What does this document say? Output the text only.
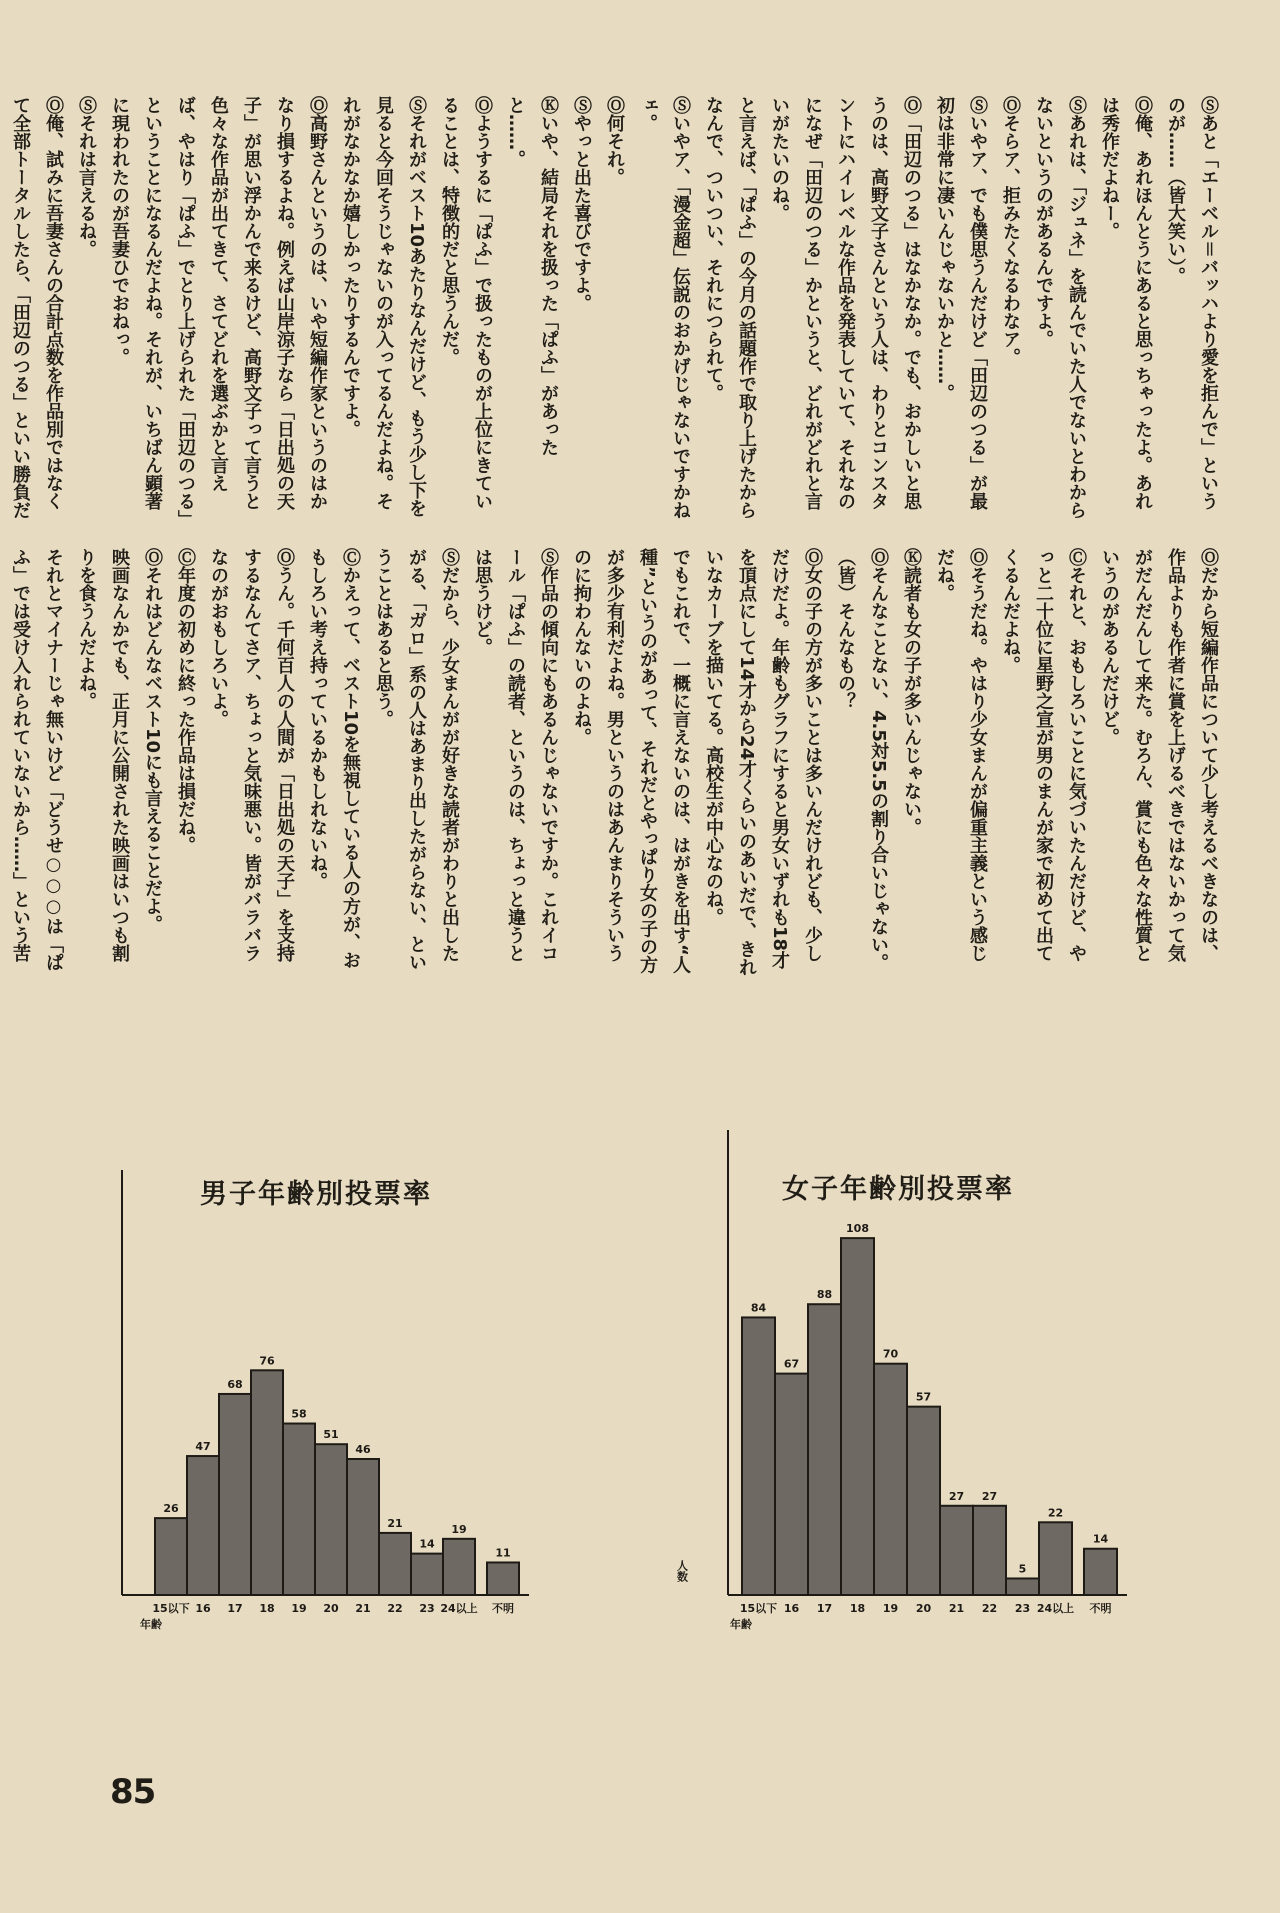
Ⓢあと「エーベル＝バッハより愛を拒んで」というのが……（皆大笑い）。

Ⓞ俺、あれほんとうにあると思っちゃったよ。あれは秀作だよねー。

Ⓢあれは、「ジュネ」を読んでいた人でないとわからないというのがあるんですよ。

Ⓞそらア、拒みたくなるわなア。

Ⓢいやア、でも僕思うんだけど「田辺のつる」が最初は非常に凄いんじゃないかと……。

Ⓞ「田辺のつる」はなかなか。でも、おかしいと思うのは、高野文子さんという人は、わりとコンスタントにハイレベルな作品を発表していて、それなのになぜ「田辺のつる」かというと、どれがどれと言いがたいのね。

と言えば、「ぱふ」の今月の話題作で取り上げたからなんで、ついつい、それにつられて。

Ⓢいやア、「漫金超」伝説のおかげじゃないですかねェ。

Ⓞ何それ。

Ⓢやっと出た喜びですよ。

Ⓚいや、結局それを扱った「ぱふ」があったと……。

Ⓞようするに「ぱふ」で扱ったものが上位にきていることは、特徴的だと思うんだ。

Ⓢそれがベスト10あたりなんだけど、もう少し下を見ると今回そうじゃないのが入ってるんだよね。それがなかなか嬉しかったりするんですよ。

Ⓞ高野さんというのは、いや短編作家というのはかなり損するよね。例えば山岸涼子なら「日出処の天子」が思い浮かんで来るけど、高野文子って言うと色々な作品が出てきて、さてどれを選ぶかと言えば、やはり「ぱふ」でとり上げられた「田辺のつる」ということになるんだよね。それが、いちばん顕著に現われたのが吾妻ひでおねっ。

Ⓢそれは言えるね。

Ⓞ俺、試みに吾妻さんの合計点数を作品別ではなくて全部トータルしたら、「田辺のつる」といい勝負だ

Ⓞだから短編作品について少し考えるべきなのは、作品よりも作者に賞を上げるべきではないかって気がだんだんして来た。むろん、賞にも色々な性質というのがあるんだけど。

Ⓒそれと、おもしろいことに気づいたんだけど、やっと二十位に星野之宣が男のまんが家で初めて出てくるんだよね。

Ⓞそうだね。やはり少女まんが偏重主義という感じだね。

Ⓚ読者も女の子が多いんじゃない。

Ⓞそんなことない、4.5対5.5の割り合いじゃない。

（皆）そんなもの？

Ⓞ女の子の方が多いことは多いんだけれども、少しだけだよ。年齢もグラフにすると男女いずれも18才を頂点にして14才から24才くらいのあいだで、きれいなカーブを描いてる。高校生が中心なのね。

でもこれで、一概に言えないのは、はがきを出す“人種”というのがあって、それだとやっぱり女の子の方が多少有利だよね。男というのはあんまりそういうのに拘わんないのよね。

Ⓢ作品の傾向にもあるんじゃないですか。これイコール「ぱふ」の読者、というのは、ちょっと違うとは思うけど。

Ⓢだから、少女まんがが好きな読者がわりと出したがる、「ガロ」系の人はあまり出したがらない、ということはあると思う。

Ⓒかえって、ベスト10を無視している人の方が、おもしろい考え持っているかもしれないね。

Ⓞうん。千何百人の人間が「日出処の天子」を支持するなんてさア、ちょっと気味悪い。皆がバラバラなのがおもしろいよ。

Ⓒ年度の初めに終った作品は損だね。

Ⓞそれはどんなベスト10にも言えることだよ。

映画なんかでも、正月に公開された映画はいつも割りを食うんだよね。

それとマイナーじゃ無いけど「どうせ○○○は「ぱふ」では受け入れられていないから……」という苦

男子年齢別投票率
26
15以下
47
16
68
17
76
18
58
19
51
20
46
21
21
22
14
23
19
24以上
11
不明
年齢
女子年齢別投票率
84
15以下
67
16
88
17
108
18
70
19
57
20
27
21
27
22
5
23
22
24以上
14
不明
年齢
人数
85
